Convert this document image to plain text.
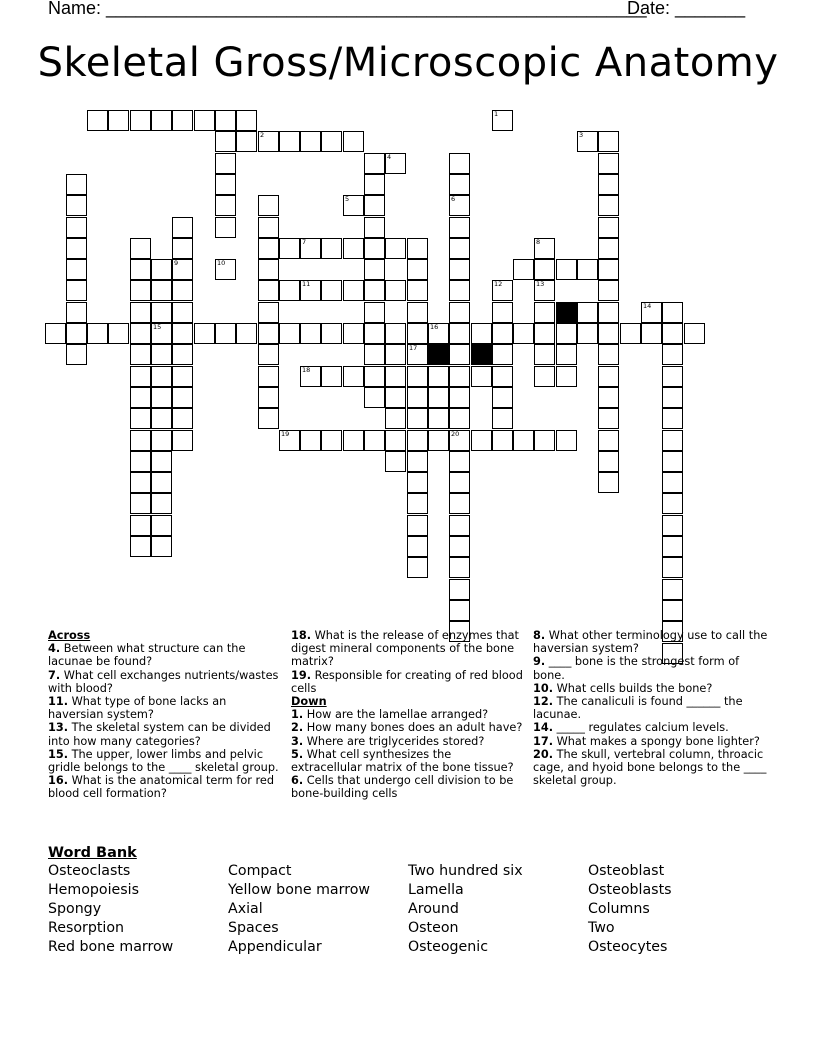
Name: ______________________________________________________
Date: _______
Skeletal Gross/Microscopic Anatomy
2
9
7
15
11
16
6
20
17
12
18
19
1
3
4
5
8
10
13
14
Across
4. Between what structure can the lacunae be found?
7. What cell exchanges nutrients/wastes with blood?
11. What type of bone lacks an haversian system?
13. The skeletal system can be divided into how many categories?
15. The upper, lower limbs and pelvic gridle belongs to the ____ skeletal group.
16. What is the anatomical term for red blood cell formation?
18. What is the release of enzymes that digest mineral components of the bone matrix?
19. Responsible for creating of red blood cells
Down
1. How are the lamellae arranged?
2. How many bones does an adult have?
3. Where are triglycerides stored?
5. What cell synthesizes the extracellular matrix of the bone tissue?
6. Cells that undergo cell division to be bone-building cells
8. What other terminology use to call the haversian system?
9. ____ bone is the strongest form of bone.
10. What cells builds the bone?
12. The canaliculi is found ______ the lacunae.
14. _____ regulates calcium levels.
17. What makes a spongy bone lighter?
20. The skull, vertebral column, throacic cage, and hyoid bone belongs to the ____ skeletal group.
Word Bank
Osteoclasts	Compact	Two hundred six	Osteoblast
Hemopoiesis	Yellow bone marrow	Lamella	Osteoblasts
Spongy	Axial	Around	Columns
Resorption	Spaces	Osteon	Two
Red bone marrow	Appendicular	Osteogenic	Osteocytes
